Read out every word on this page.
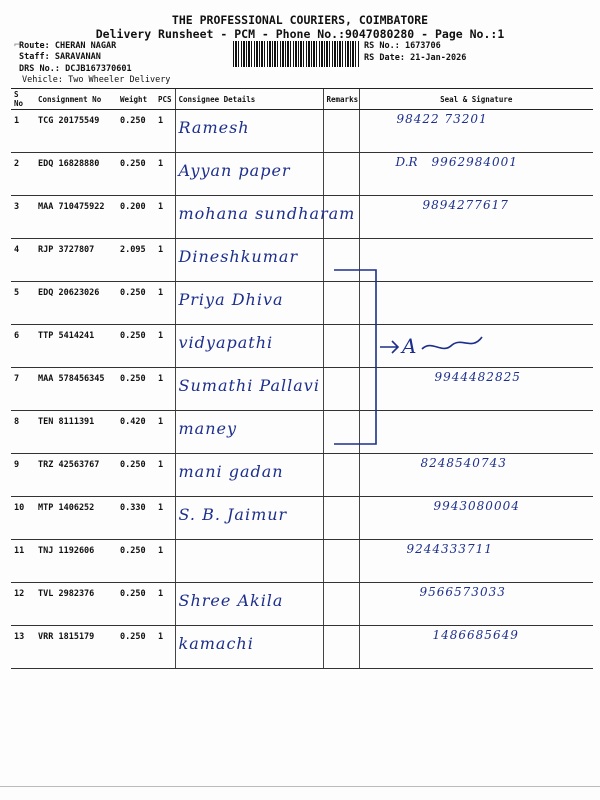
⌐
THE PROFESSIONAL COURIERS, COIMBATORE
Delivery Runsheet - PCM - Phone No.:9047080280 - Page No.:1
Route: CHERAN NAGAR
Staff: SARAVANAN
DRS No.: DCJB167370601
Vehicle: Two Wheeler Delivery
RS No.: 1673706
RS Date: 21-Jan-2026
S No	Consignment No	Weight	PCS	Consignee Details	Remarks	Seal & Signature
1	TCG 20175549	0.250	1	Ramesh		98422 73201
2	EDQ 16828880	0.250	1	Ayyan paper		D.R 9962984001
3	MAA 710475922	0.200	1	mohana sundharam		9894277617
4	RJP 3727807	2.095	1	Dineshkumar		
5	EDQ 20623026	0.250	1	Priya Dhiva		
6	TTP 5414241	0.250	1	vidyapathi		
7	MAA 578456345	0.250	1	Sumathi Pallavi		9944482825
8	TEN 8111391	0.420	1	maney		
9	TRZ 42563767	0.250	1	mani gadan		8248540743
10	MTP 1406252	0.330	1	S. B. Jaimur		9943080004
11	TNJ 1192606	0.250	1			9244333711
12	TVL 2982376	0.250	1	Shree Akila		9566573033
13	VRR 1815179	0.250	1	kamachi		1486685649
A
